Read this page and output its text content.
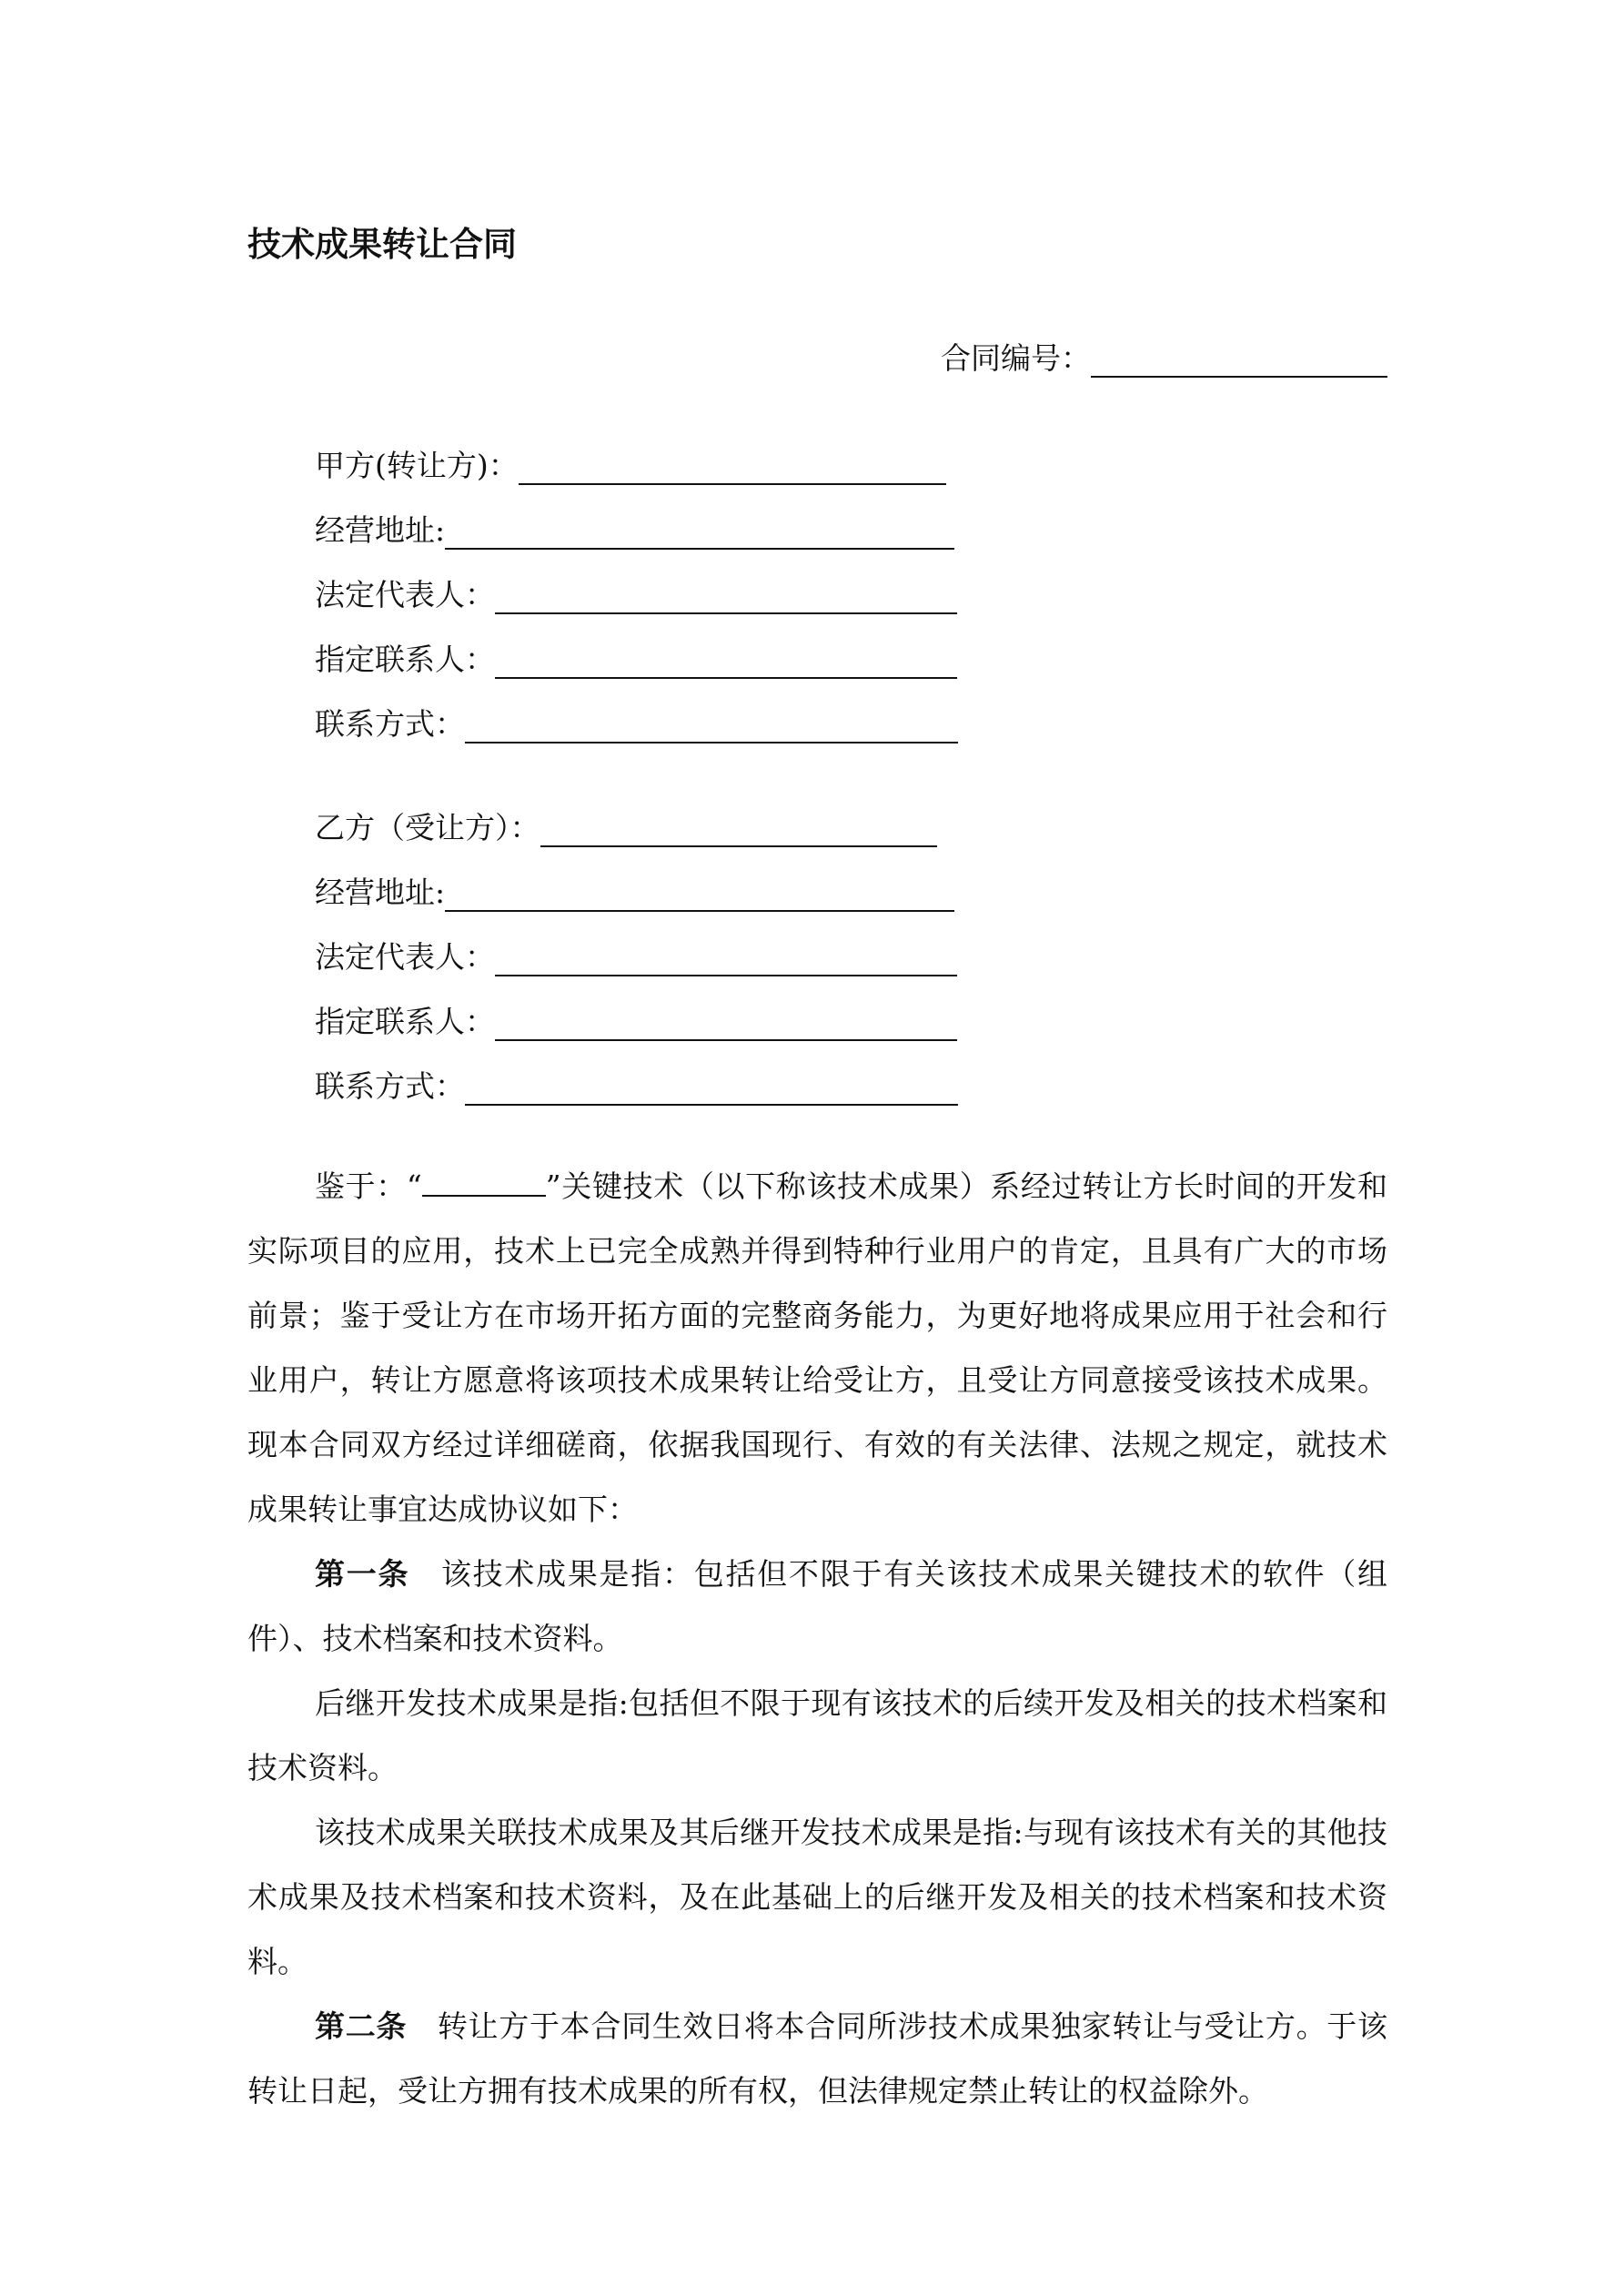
技术成果转让合同
合同编号：
甲方(转让方)：
经营地址:
法定代表人：
指定联系人：
联系方式：
乙方（受让方）：
经营地址:
法定代表人：
指定联系人：
联系方式：

鉴于：“	”关键技术（以下称该技术成果）系经过转让方长时间的开发和实际项目的应用，技术上已完全成熟并得到特种行业用户的肯定，且具有广大的市场前景；鉴于受让方在市场开拓方面的完整商务能力，为更好地将成果应用于社会和行业用户，转让方愿意将该项技术成果转让给受让方，且受让方同意接受该技术成果。现本合同双方经过详细磋商，依据我国现行、有效的有关法律、法规之规定，就技术成果转让事宜达成协议如下：

第一条　该技术成果是指：包括但不限于有关该技术成果关键技术的软件（组件）、技术档案和技术资料。

后继开发技术成果是指:包括但不限于现有该技术的后续开发及相关的技术档案和技术资料。

该技术成果关联技术成果及其后继开发技术成果是指:与现有该技术有关的其他技术成果及技术档案和技术资料，及在此基础上的后继开发及相关的技术档案和技术资料。

第二条　转让方于本合同生效日将本合同所涉技术成果独家转让与受让方。于该转让日起，受让方拥有技术成果的所有权，但法律规定禁止转让的权益除外。
